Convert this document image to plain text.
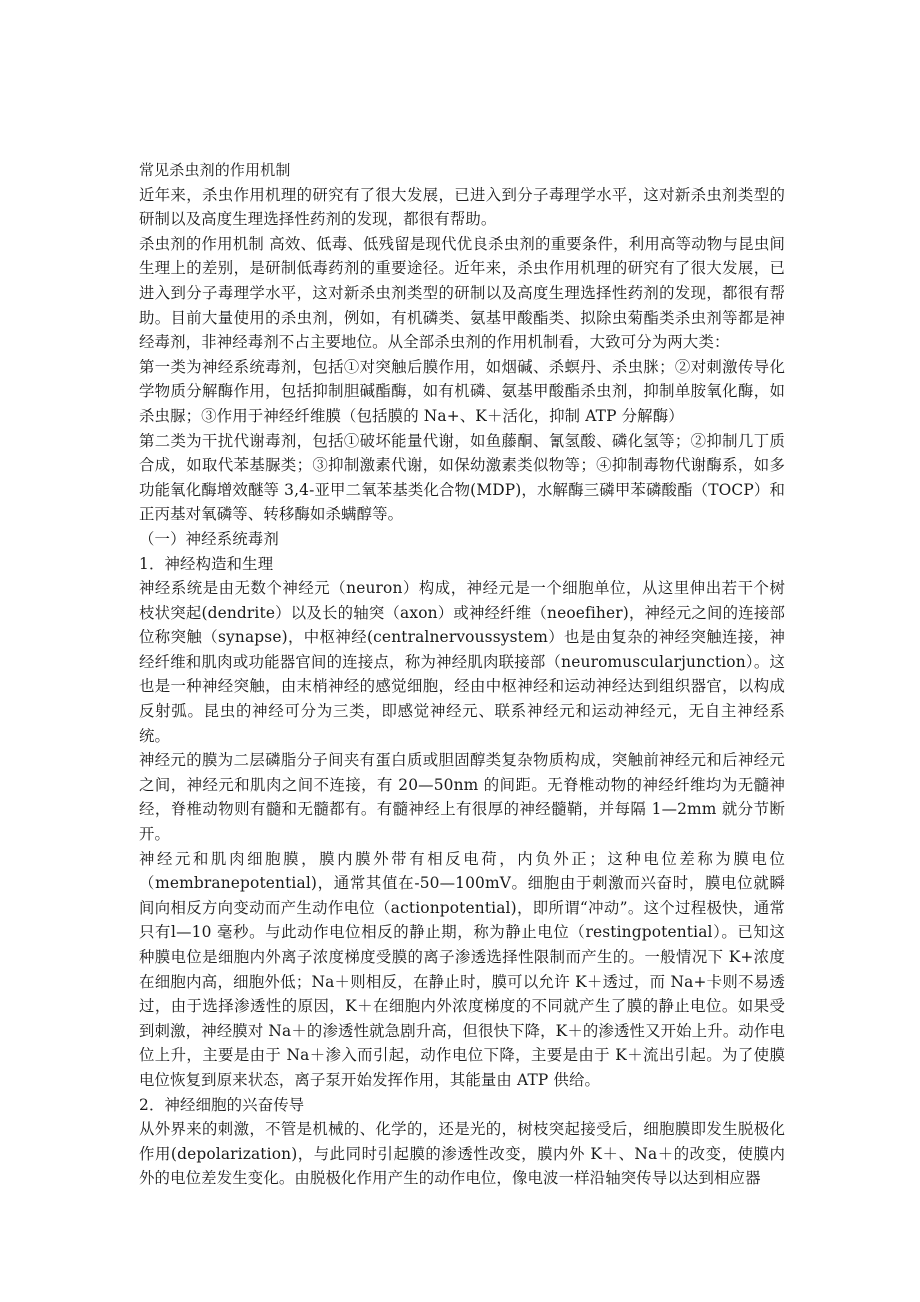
常见杀虫剂的作用机制

近年来，杀虫作用机理的研究有了很大发展，已进入到分子毒理学水平，这对新杀虫剂类型的研制以及高度生理选择性药剂的发现，都很有帮助。

杀虫剂的作用机制 高效、低毒、低残留是现代优良杀虫剂的重要条件，利用高等动物与昆虫间生理上的差别，是研制低毒药剂的重要途径。近年来，杀虫作用机理的研究有了很大发展，已进入到分子毒理学水平，这对新杀虫剂类型的研制以及高度生理选择性药剂的发现，都很有帮助。目前大量使用的杀虫剂，例如，有机磷类、氨基甲酸酯类、拟除虫菊酯类杀虫剂等都是神经毒剂，非神经毒剂不占主要地位。从全部杀虫剂的作用机制看，大致可分为两大类：

第一类为神经系统毒剂，包括①对突触后膜作用，如烟碱、杀螟丹、杀虫脒；②对刺激传导化学物质分解酶作用，包括抑制胆碱酯酶，如有机磷、氨基甲酸酯杀虫剂，抑制单胺氧化酶，如杀虫脲；③作用于神经纤维膜（包括膜的 Na+、K＋活化，抑制 ATP 分解酶）

第二类为干扰代谢毒剂，包括①破坏能量代谢，如鱼藤酮、氰氢酸、磷化氢等；②抑制几丁质合成，如取代苯基脲类；③抑制激素代谢，如保幼激素类似物等；④抑制毒物代谢酶系，如多功能氧化酶增效醚等 3,4-亚甲二氧苯基类化合物(MDP)，水解酶三磷甲苯磷酸酯（TOCP）和正丙基对氧磷等、转移酶如杀螨醇等。

（一）神经系统毒剂

1．神经构造和生理

神经系统是由无数个神经元（neuron）构成，神经元是一个细胞单位，从这里伸出若干个树枝状突起(dendrite）以及长的轴突（axon）或神经纤维（neoefiher)，神经元之间的连接部位称突触（synapse)，中枢神经(centralnervoussystem）也是由复杂的神经突触连接，神经纤维和肌肉或功能器官间的连接点，称为神经肌肉联接部（neuromuscularjunction）。这也是一种神经突触，由末梢神经的感觉细胞，经由中枢神经和运动神经达到组织器官，以构成反射弧。昆虫的神经可分为三类，即感觉神经元、联系神经元和运动神经元，无自主神经系统。

神经元的膜为二层磷脂分子间夹有蛋白质或胆固醇类复杂物质构成，突触前神经元和后神经元之间，神经元和肌肉之间不连接，有 20—50nm 的间距。无脊椎动物的神经纤维均为无髓神经，脊椎动物则有髓和无髓都有。有髓神经上有很厚的神经髓鞘，并每隔 1—2mm 就分节断开。

神经元和肌肉细胞膜，膜内膜外带有相反电荷，内负外正；这种电位差称为膜电位（membranepotential)，通常其值在-50—100mV。细胞由于刺激而兴奋时，膜电位就瞬间向相反方向变动而产生动作电位（actionpotential)，即所谓“冲动”。这个过程极快，通常只有l—10 毫秒。与此动作电位相反的静止期，称为静止电位（restingpotential）。已知这种膜电位是细胞内外离子浓度梯度受膜的离子渗透选择性限制而产生的。一般情况下 K+浓度在细胞内高，细胞外低；Na＋则相反，在静止时，膜可以允许 K＋透过，而 Na+卡则不易透过，由于选择渗透性的原因，K＋在细胞内外浓度梯度的不同就产生了膜的静止电位。如果受到刺激，神经膜对 Na＋的渗透性就急剧升高，但很快下降，K＋的渗透性又开始上升。动作电位上升，主要是由于 Na＋渗入而引起，动作电位下降，主要是由于 K＋流出引起。为了使膜电位恢复到原来状态，离子泵开始发挥作用，其能量由 ATP 供给。

2．神经细胞的兴奋传导

从外界来的刺激，不管是机械的、化学的，还是光的，树枝突起接受后，细胞膜即发生脱极化作用(depolarization)，与此同时引起膜的渗透性改变，膜内外 K＋、Na＋的改变，使膜内外的电位差发生变化。由脱极化作用产生的动作电位，像电波一样沿轴突传导以达到相应器
